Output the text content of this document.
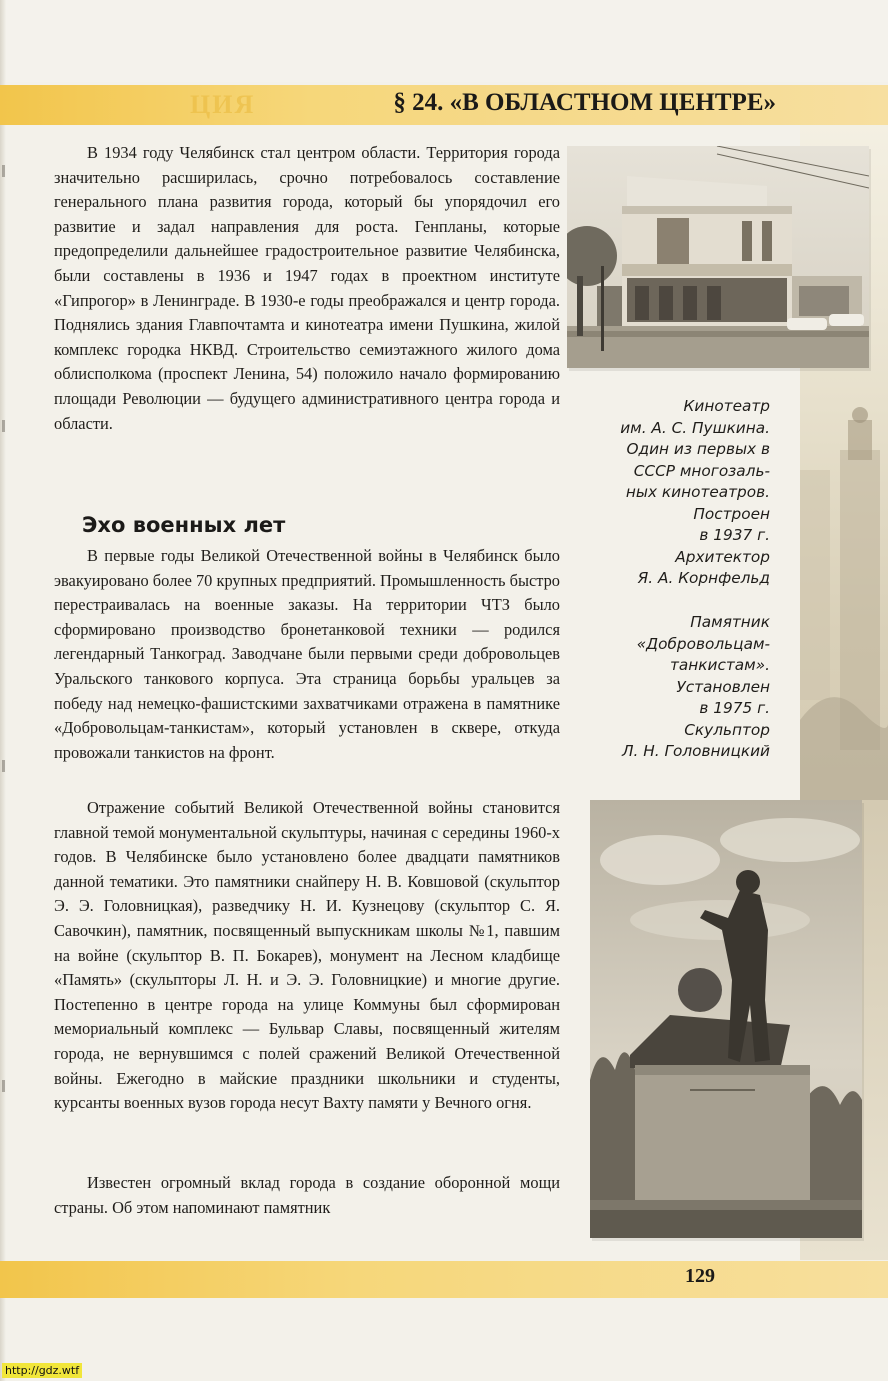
ЦИЯ	§ 24. «В ОБЛАСТНОМ ЦЕНТРЕ»

В 1934 году Челябинск стал центром области. Территория города значительно расширилась, срочно потребовалось составление генерального плана развития города, который бы упорядочил его развитие и задал направления для роста. Генпланы, которые предопределили дальнейшее градостроительное развитие Челябинска, были составлены в 1936 и 1947 годах в проектном институте «Гипрогор» в Ленинграде. В 1930-е годы преображался и центр города. Поднялись здания Главпочтамта и кинотеатра имени Пушкина, жилой комплекс городка НКВД. Строительство семиэтажного жилого дома облисполкома (проспект Ленина, 54) положило начало формированию площади Революции — будущего административного центра города и области.

Эхо военных лет

В первые годы Великой Отечественной войны в Челябинск было эвакуировано более 70 крупных предприятий. Промышленность быстро перестраивалась на военные заказы. На территории ЧТЗ было сформировано производство бронетанковой техники — родился легендарный Танкоград. Заводчане были первыми среди добровольцев Уральского танкового корпуса. Эта страница борьбы уральцев за победу над немецко-фашистскими захватчиками отражена в памятнике «Добровольцам-танкистам», который установлен в сквере, откуда провожали танкистов на фронт.

Отражение событий Великой Отечественной войны становится главной темой монументальной скульптуры, начиная с середины 1960-х годов. В Челябинске было установлено более двадцати памятников данной тематики. Это памятники снайперу Н. В. Ковшовой (скульптор Э. Э. Головницкая), разведчику Н. И. Кузнецову (скульптор С. Я. Савочкин), памятник, посвященный выпускникам школы №1, павшим на войне (скульптор В. П. Бокарев), монумент на Лесном кладбище «Память» (скульпторы Л. Н. и Э. Э. Головницкие) и многие другие. Постепенно в центре города на улице Коммуны был сформирован мемориальный комплекс — Бульвар Славы, посвященный жителям города, не вернувшимся с полей сражений Великой Отечественной войны. Ежегодно в майские праздники школьники и студенты, курсанты военных вузов города несут Вахту памяти у Вечного огня.

Известен огромный вклад города в создание оборонной мощи страны. Об этом напоминают памятник

Кинотеатр
им. А. С. Пушкина.
Один из первых в
СССР многозаль-
ных кинотеатров.
Построен
в 1937 г.
Архитектор
Я. А. Корнфельд
Памятник
«Добровольцам-
танкистам».
Установлен
в 1975 г.
Скульптор
Л. Н. Головницкий
129
http://gdz.wtf
